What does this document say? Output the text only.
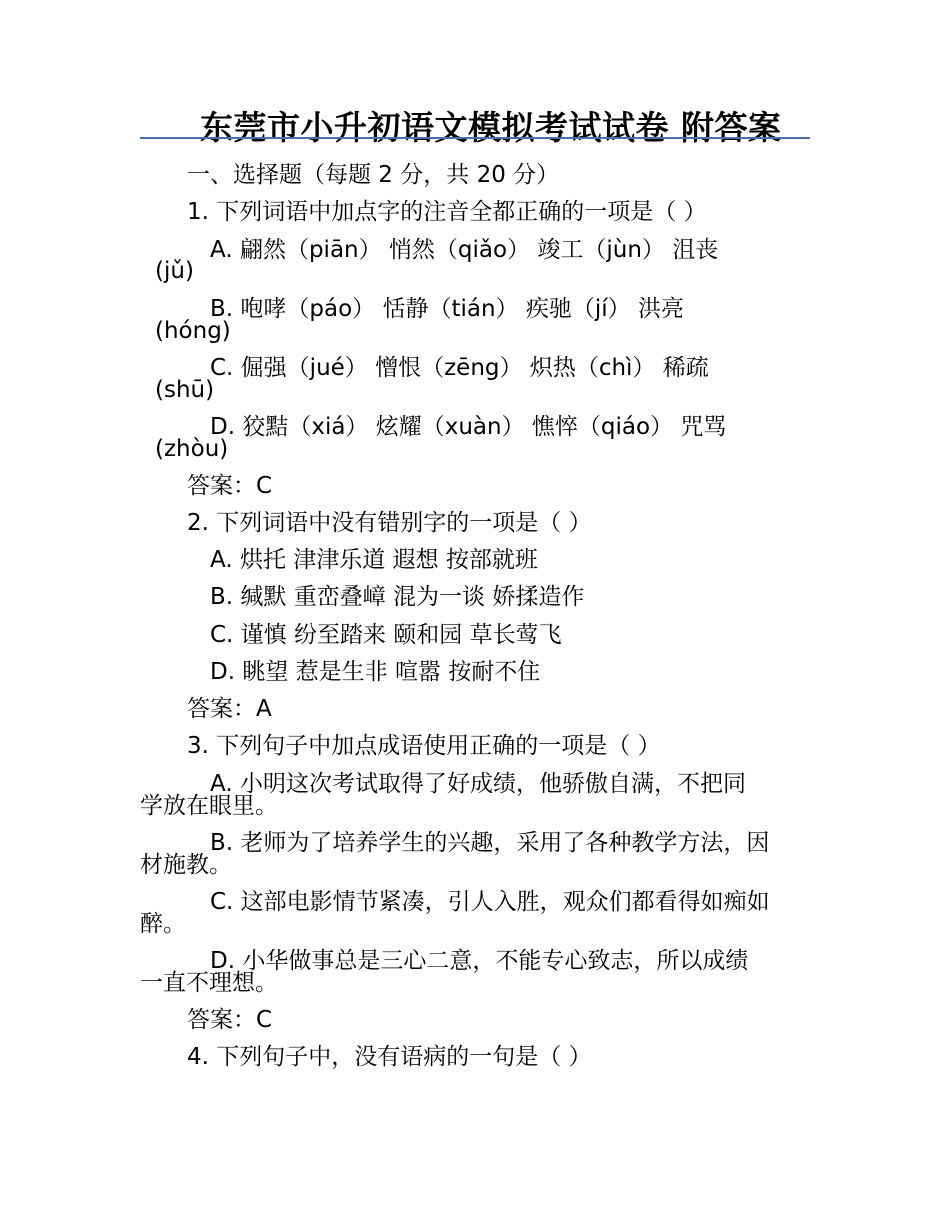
东莞市小升初语文模拟考试试卷 附答案
一、选择题（每题 2 分，共 20 分）
1. 下列词语中加点字的注音全都正确的一项是（ ）
A. 翩然（piān） 悄然（qiǎo） 竣工（jùn） 沮丧
(jǔ)
B. 咆哮（páo） 恬静（tián） 疾驰（jí） 洪亮
(hóng)
C. 倔强（jué） 憎恨（zēng） 炽热（chì） 稀疏
(shū)
D. 狡黠（xiá） 炫耀（xuàn） 憔悴（qiáo） 咒骂
(zhòu)
答案：C
2. 下列词语中没有错别字的一项是（ ）
A. 烘托 津津乐道 遐想 按部就班
B. 缄默 重峦叠嶂 混为一谈 娇揉造作
C. 谨慎 纷至踏来 颐和园 草长莺飞
D. 眺望 惹是生非 喧嚣 按耐不住
答案：A
3. 下列句子中加点成语使用正确的一项是（ ）
A. 小明这次考试取得了好成绩，他骄傲自满，不把同
学放在眼里。
B. 老师为了培养学生的兴趣，采用了各种教学方法，因
材施教。
C. 这部电影情节紧凑，引人入胜，观众们都看得如痴如
醉。
D. 小华做事总是三心二意，不能专心致志，所以成绩
一直不理想。
答案：C
4. 下列句子中，没有语病的一句是（ ）
